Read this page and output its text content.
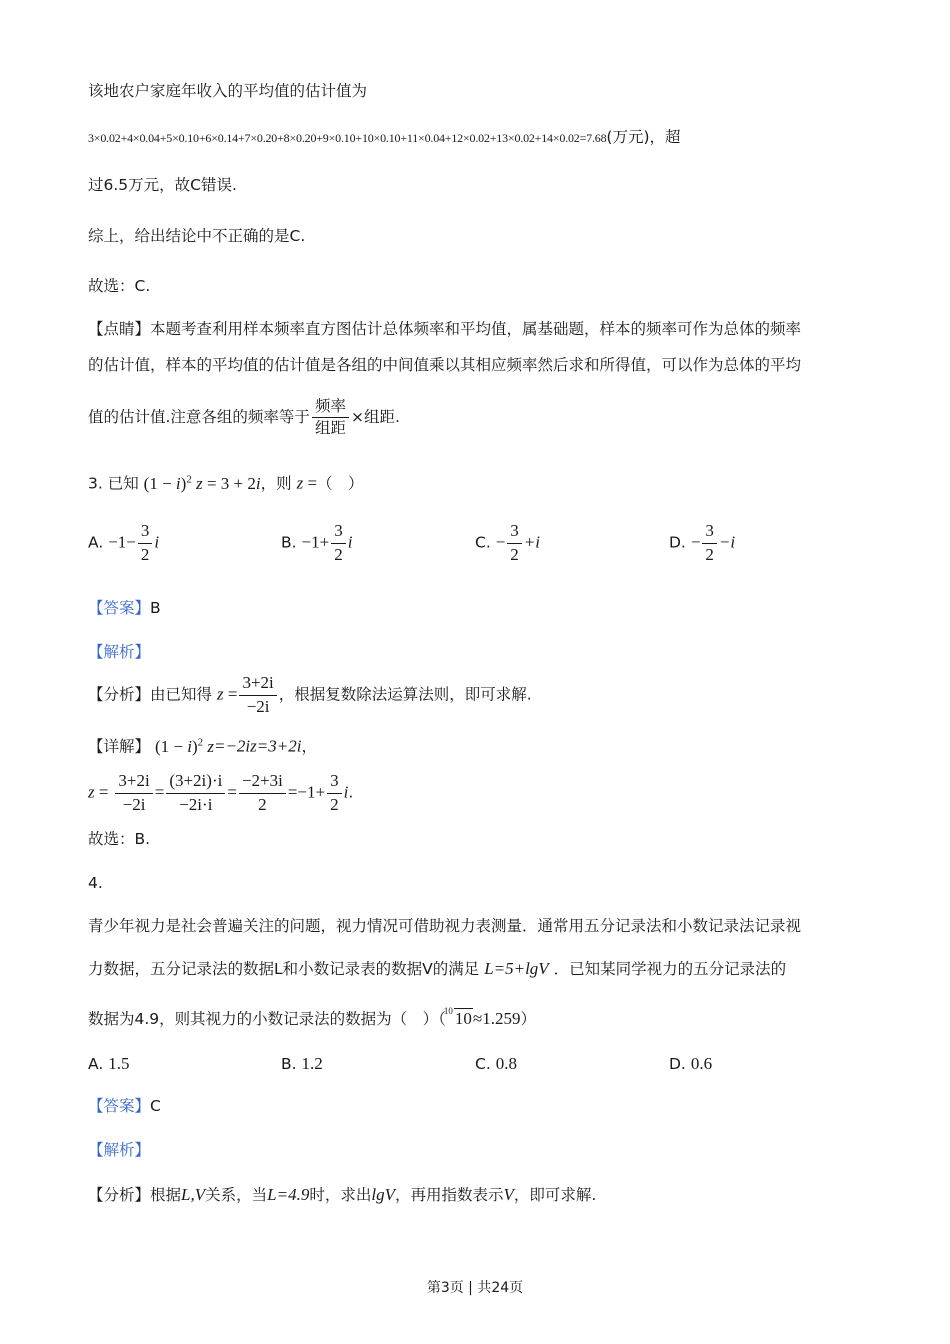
该地农户家庭年收入的平均值的估计值为
3×0.02+4×0.04+5×0.10+6×0.14+7×0.20+8×0.20+9×0.10+10×0.10+11×0.04+12×0.02+13×0.02+14×0.02=7.68(万元)，超
过6.5万元，故C错误.
综上，给出结论中不正确的是C.
故选：C.
【点睛】本题考查利用样本频率直方图估计总体频率和平均值，属基础题，样本的频率可作为总体的频率
的估计值，样本的平均值的估计值是各组的中间值乘以其相应频率然后求和所得值，可以作为总体的平均
值的估计值.注意各组的频率等于 $\frac{\text{频率}}{\text{组距}}$ ×组距.
3. 已知 $(1 - i)^2$ z = 3 + 2i，则 z =（　）
A. $-1- \frac{3}{2}$ i	B. $-1+ \frac{3}{2}$ i	C. − $\frac{3}{2} +i$	D. − $\frac{3}{2} -i$
【答案】B
【解析】
【分析】由已知得 $z = \frac{3+2i}{-2i}$ ，根据复数除法运算法则，即可求解.
【详解】 $(1 - i)^2$ z=−2iz=3+2i，
$z = \frac{3+2i}{-2i} = \frac{(3+2i)\cdot i}{-2i\cdot i} = \frac{-2+3i}{2} =-1+ \frac{3}{2} i$.
故选：B.
4.
青少年视力是社会普遍关注的问题，视力情况可借助视力表测量．通常用五分记录法和小数记录法记录视
力数据，五分记录法的数据L和小数记录表的数据V的满足 L=5+lgV ．已知某同学视力的五分记录法的
数据为4.9，则其视力的小数记录法的数据为（　）（
10 10≈1.259）
A. 1.5	B. 1.2	C. 0.8	D. 0.6
【答案】C
【解析】
【分析】根据L,V关系，当L=4.9时，求出lgV，再用指数表示V，即可求解.
第3页 | 共24页
